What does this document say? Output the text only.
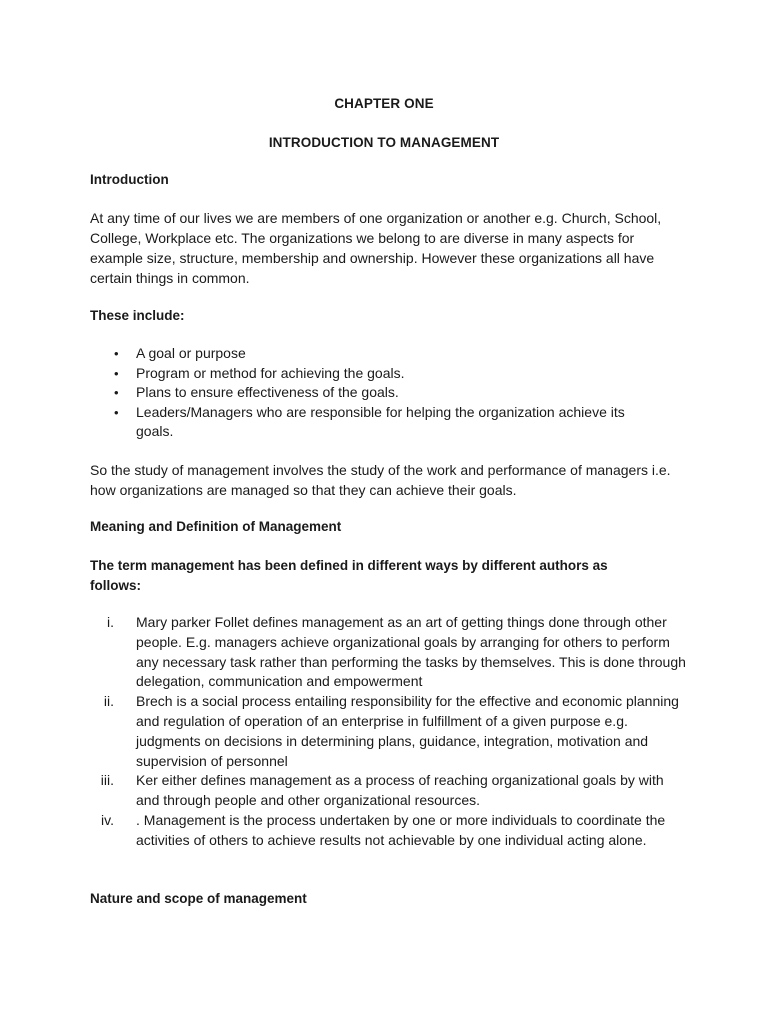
CHAPTER ONE
INTRODUCTION TO MANAGEMENT
Introduction
At any time of our lives we are members of one organization or another e.g. Church, School, College, Workplace etc. The organizations we belong to are diverse in many aspects for example size, structure, membership and ownership. However these organizations all have certain things in common.
These include:
• A goal or purpose
• Program or method for achieving the goals.
• Plans to ensure effectiveness of the goals.
• Leaders/Managers who are responsible for helping the organization achieve its goals.
So the study of management involves the study of the work and performance of managers i.e. how organizations are managed so that they can achieve their goals.
Meaning and Definition of Management
The term management has been defined in different ways by different authors as follows:
i. Mary parker Follet defines management as an art of getting things done through other people. E.g. managers achieve organizational goals by arranging for others to perform any necessary task rather than performing the tasks by themselves. This is done through delegation, communication and empowerment
ii. Brech is a social process entailing responsibility for the effective and economic planning and regulation of operation of an enterprise in fulfillment of a given purpose e.g. judgments on decisions in determining plans, guidance, integration, motivation and supervision of personnel
iii. Ker either defines management as a process of reaching organizational goals by with and through people and other organizational resources.
iv. . Management is the process undertaken by one or more individuals to coordinate the activities of others to achieve results not achievable by one individual acting alone.
Nature and scope of management
